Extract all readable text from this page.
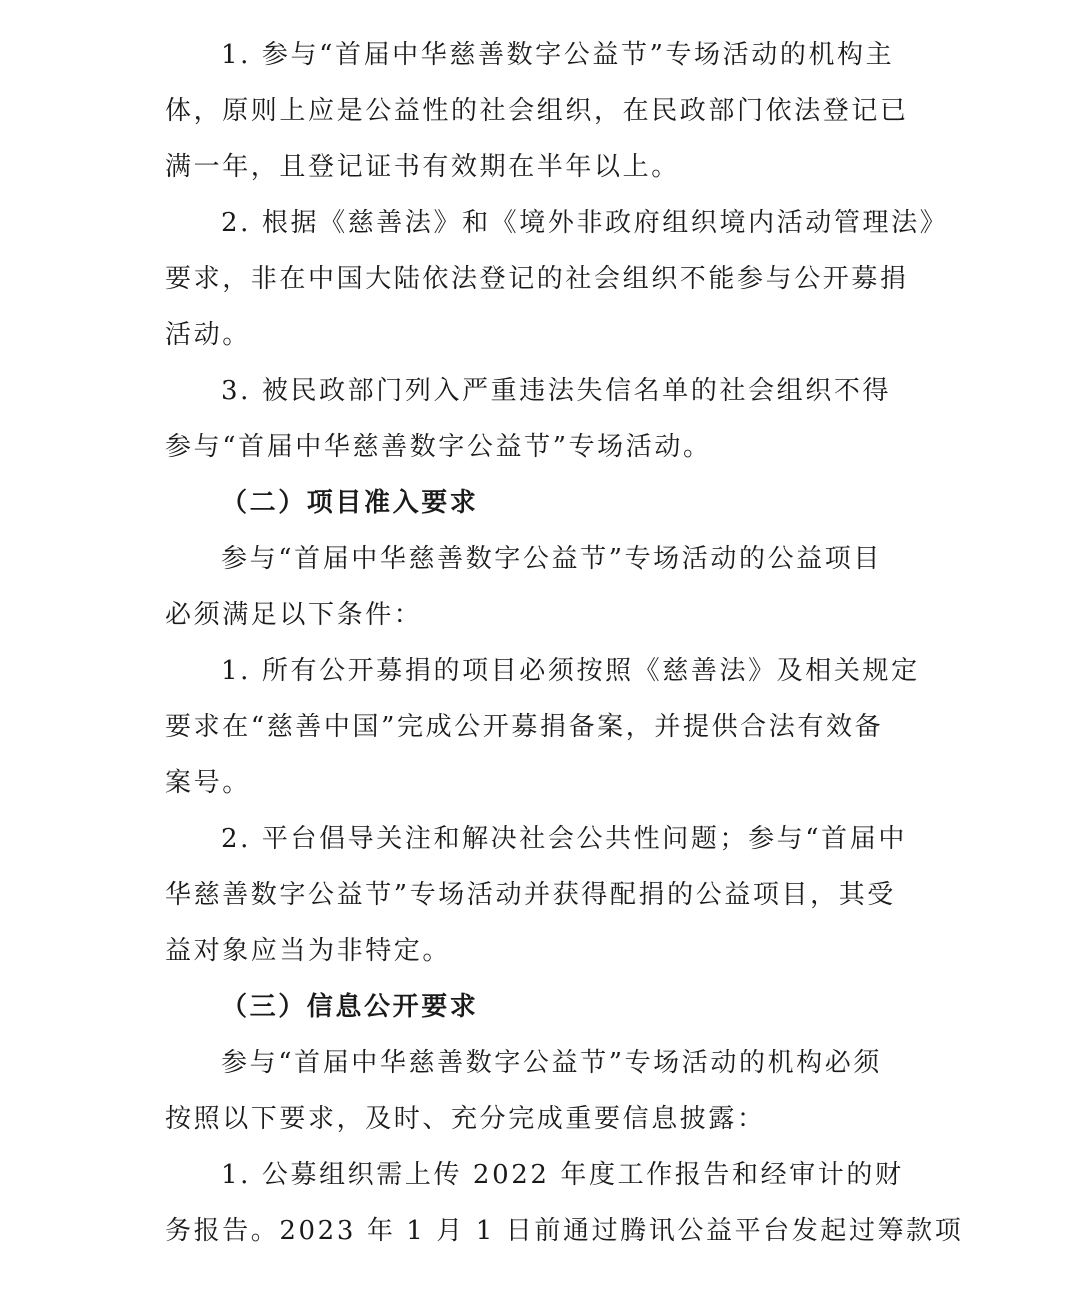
1. 参与“首届中华慈善数字公益节”专场活动的机构主
体，原则上应是公益性的社会组织，在民政部门依法登记已
满一年，且登记证书有效期在半年以上。
2. 根据《慈善法》和《境外非政府组织境内活动管理法》
要求，非在中国大陆依法登记的社会组织不能参与公开募捐
活动。
3. 被民政部门列入严重违法失信名单的社会组织不得
参与“首届中华慈善数字公益节”专场活动。
（二）项目准入要求
参与“首届中华慈善数字公益节”专场活动的公益项目
必须满足以下条件：
1. 所有公开募捐的项目必须按照《慈善法》及相关规定
要求在“慈善中国”完成公开募捐备案，并提供合法有效备
案号。
2. 平台倡导关注和解决社会公共性问题；参与“首届中
华慈善数字公益节”专场活动并获得配捐的公益项目，其受
益对象应当为非特定。
（三）信息公开要求
参与“首届中华慈善数字公益节”专场活动的机构必须
按照以下要求，及时、充分完成重要信息披露：
1. 公募组织需上传 2022 年度工作报告和经审计的财
务报告。2023 年 1 月 1 日前通过腾讯公益平台发起过筹款项
